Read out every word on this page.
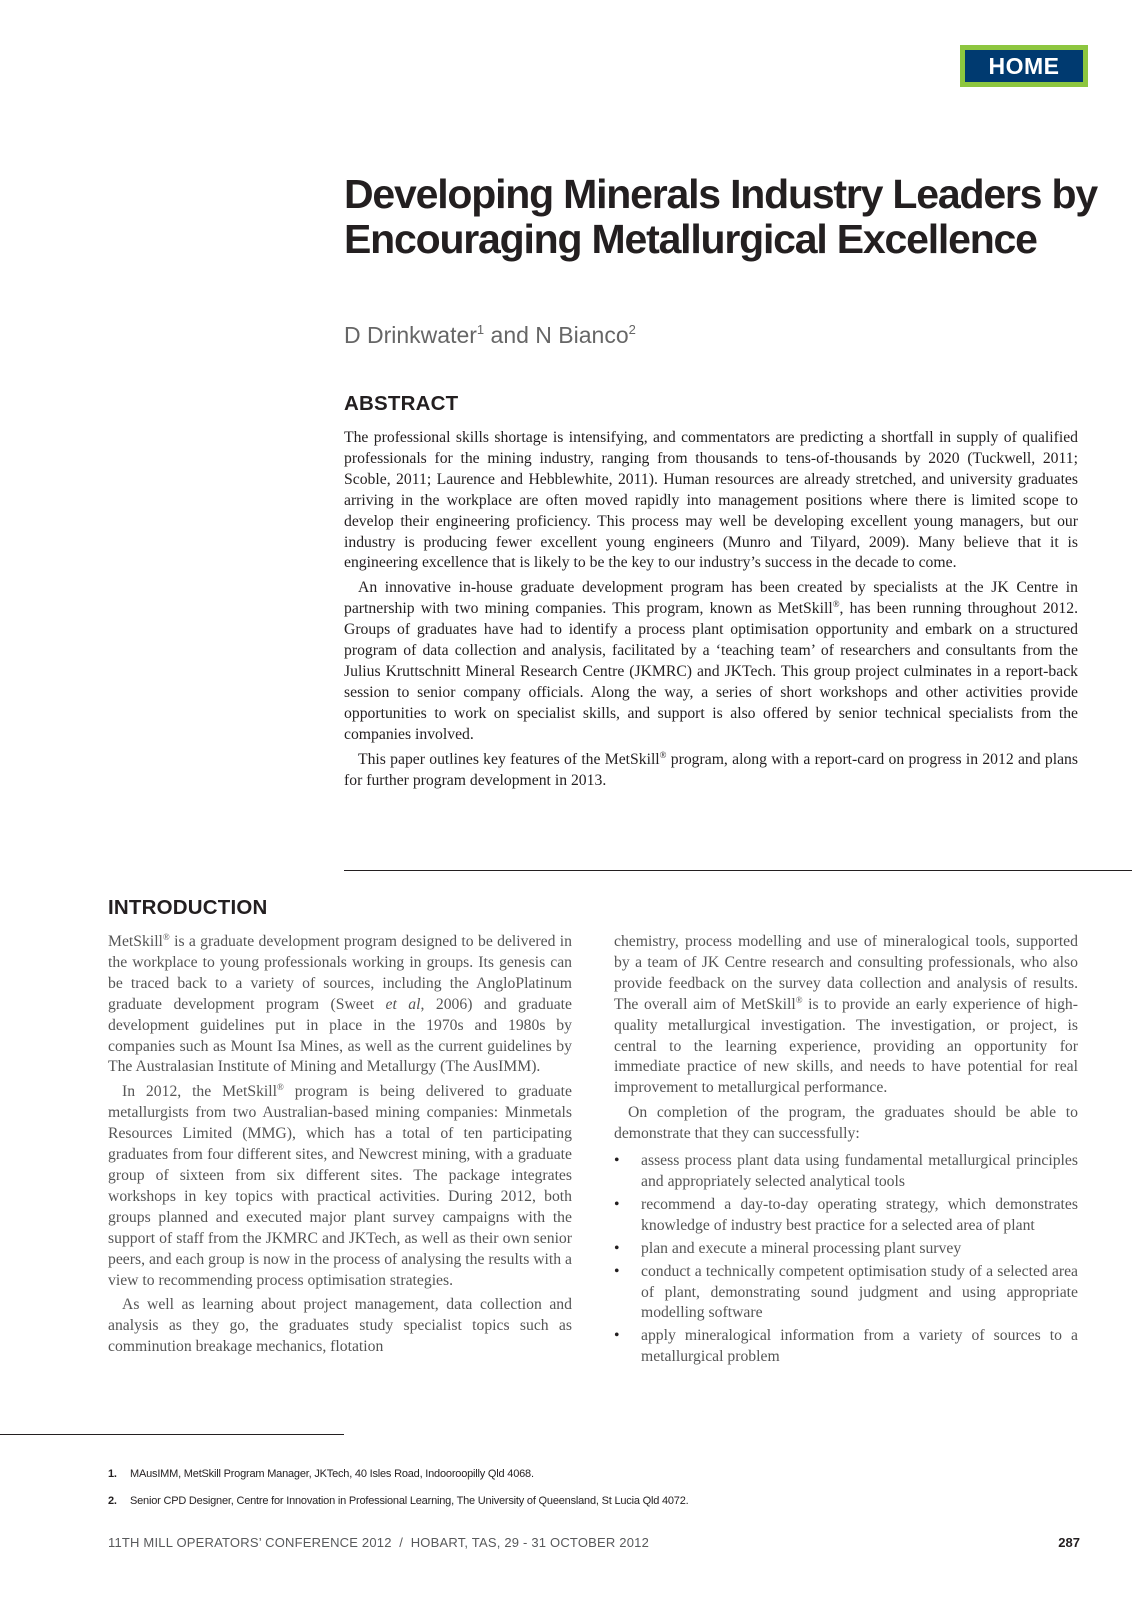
HOME
Developing Minerals Industry Leaders by Encouraging Metallurgical Excellence

D Drinkwater$^1$ and N Bianco$^2$

ABSTRACT

The professional skills shortage is intensifying, and commentators are predicting a shortfall in supply of qualified professionals for the mining industry, ranging from thousands to tens-of-thousands by 2020 (Tuckwell, 2011; Scoble, 2011; Laurence and Hebblewhite, 2011). Human resources are already stretched, and university graduates arriving in the workplace are often moved rapidly into management positions where there is limited scope to develop their engineering proficiency. This process may well be developing excellent young managers, but our industry is producing fewer excellent young engineers (Munro and Tilyard, 2009). Many believe that it is engineering excellence that is likely to be the key to our industry’s success in the decade to come.

An innovative in-house graduate development program has been created by specialists at the JK Centre in partnership with two mining companies. This program, known as MetSkill®, has been running throughout 2012. Groups of graduates have had to identify a process plant optimisation opportunity and embark on a structured program of data collection and analysis, facilitated by a ‘teaching team’ of researchers and consultants from the Julius Kruttschnitt Mineral Research Centre (JKMRC) and JKTech. This group project culminates in a report-back session to senior company officials. Along the way, a series of short workshops and other activities provide opportunities to work on specialist skills, and support is also offered by senior technical specialists from the companies involved.

This paper outlines key features of the MetSkill® program, along with a report-card on progress in 2012 and plans for further program development in 2013.

INTRODUCTION

MetSkill® is a graduate development program designed to be delivered in the workplace to young professionals working in groups. Its genesis can be traced back to a variety of sources, including the AngloPlatinum graduate development program (Sweet et al, 2006) and graduate development guidelines put in place in the 1970s and 1980s by companies such as Mount Isa Mines, as well as the current guidelines by The Australasian Institute of Mining and Metallurgy (The AusIMM).

In 2012, the MetSkill® program is being delivered to graduate metallurgists from two Australian-based mining companies: Minmetals Resources Limited (MMG), which has a total of ten participating graduates from four different sites, and Newcrest mining, with a graduate group of sixteen from six different sites. The package integrates workshops in key topics with practical activities. During 2012, both groups planned and executed major plant survey campaigns with the support of staff from the JKMRC and JKTech, as well as their own senior peers, and each group is now in the process of analysing the results with a view to recommending process optimisation strategies.

As well as learning about project management, data collection and analysis as they go, the graduates study specialist topics such as comminution breakage mechanics, flotation

chemistry, process modelling and use of mineralogical tools, supported by a team of JK Centre research and consulting professionals, who also provide feedback on the survey data collection and analysis of results. The overall aim of MetSkill® is to provide an early experience of high-quality metallurgical investigation. The investigation, or project, is central to the learning experience, providing an opportunity for immediate practice of new skills, and needs to have potential for real improvement to metallurgical performance.

On completion of the program, the graduates should be able to demonstrate that they can successfully:

• assess process plant data using fundamental metallurgical principles and appropriately selected analytical tools
• recommend a day-to-day operating strategy, which demonstrates knowledge of industry best practice for a selected area of plant
• plan and execute a mineral processing plant survey
• conduct a technically competent optimisation study of a selected area of plant, demonstrating sound judgment and using appropriate modelling software
• apply mineralogical information from a variety of sources to a metallurgical problem
1. MAusIMM, MetSkill Program Manager, JKTech, 40 Isles Road, Indooroopilly Qld 4068.
2. Senior CPD Designer, Centre for Innovation in Professional Learning, The University of Queensland, St Lucia Qld 4072.
11TH MILL OPERATORS’ CONFERENCE 2012  /  HOBART, TAS, 29 - 31 OCTOBER 2012	287
